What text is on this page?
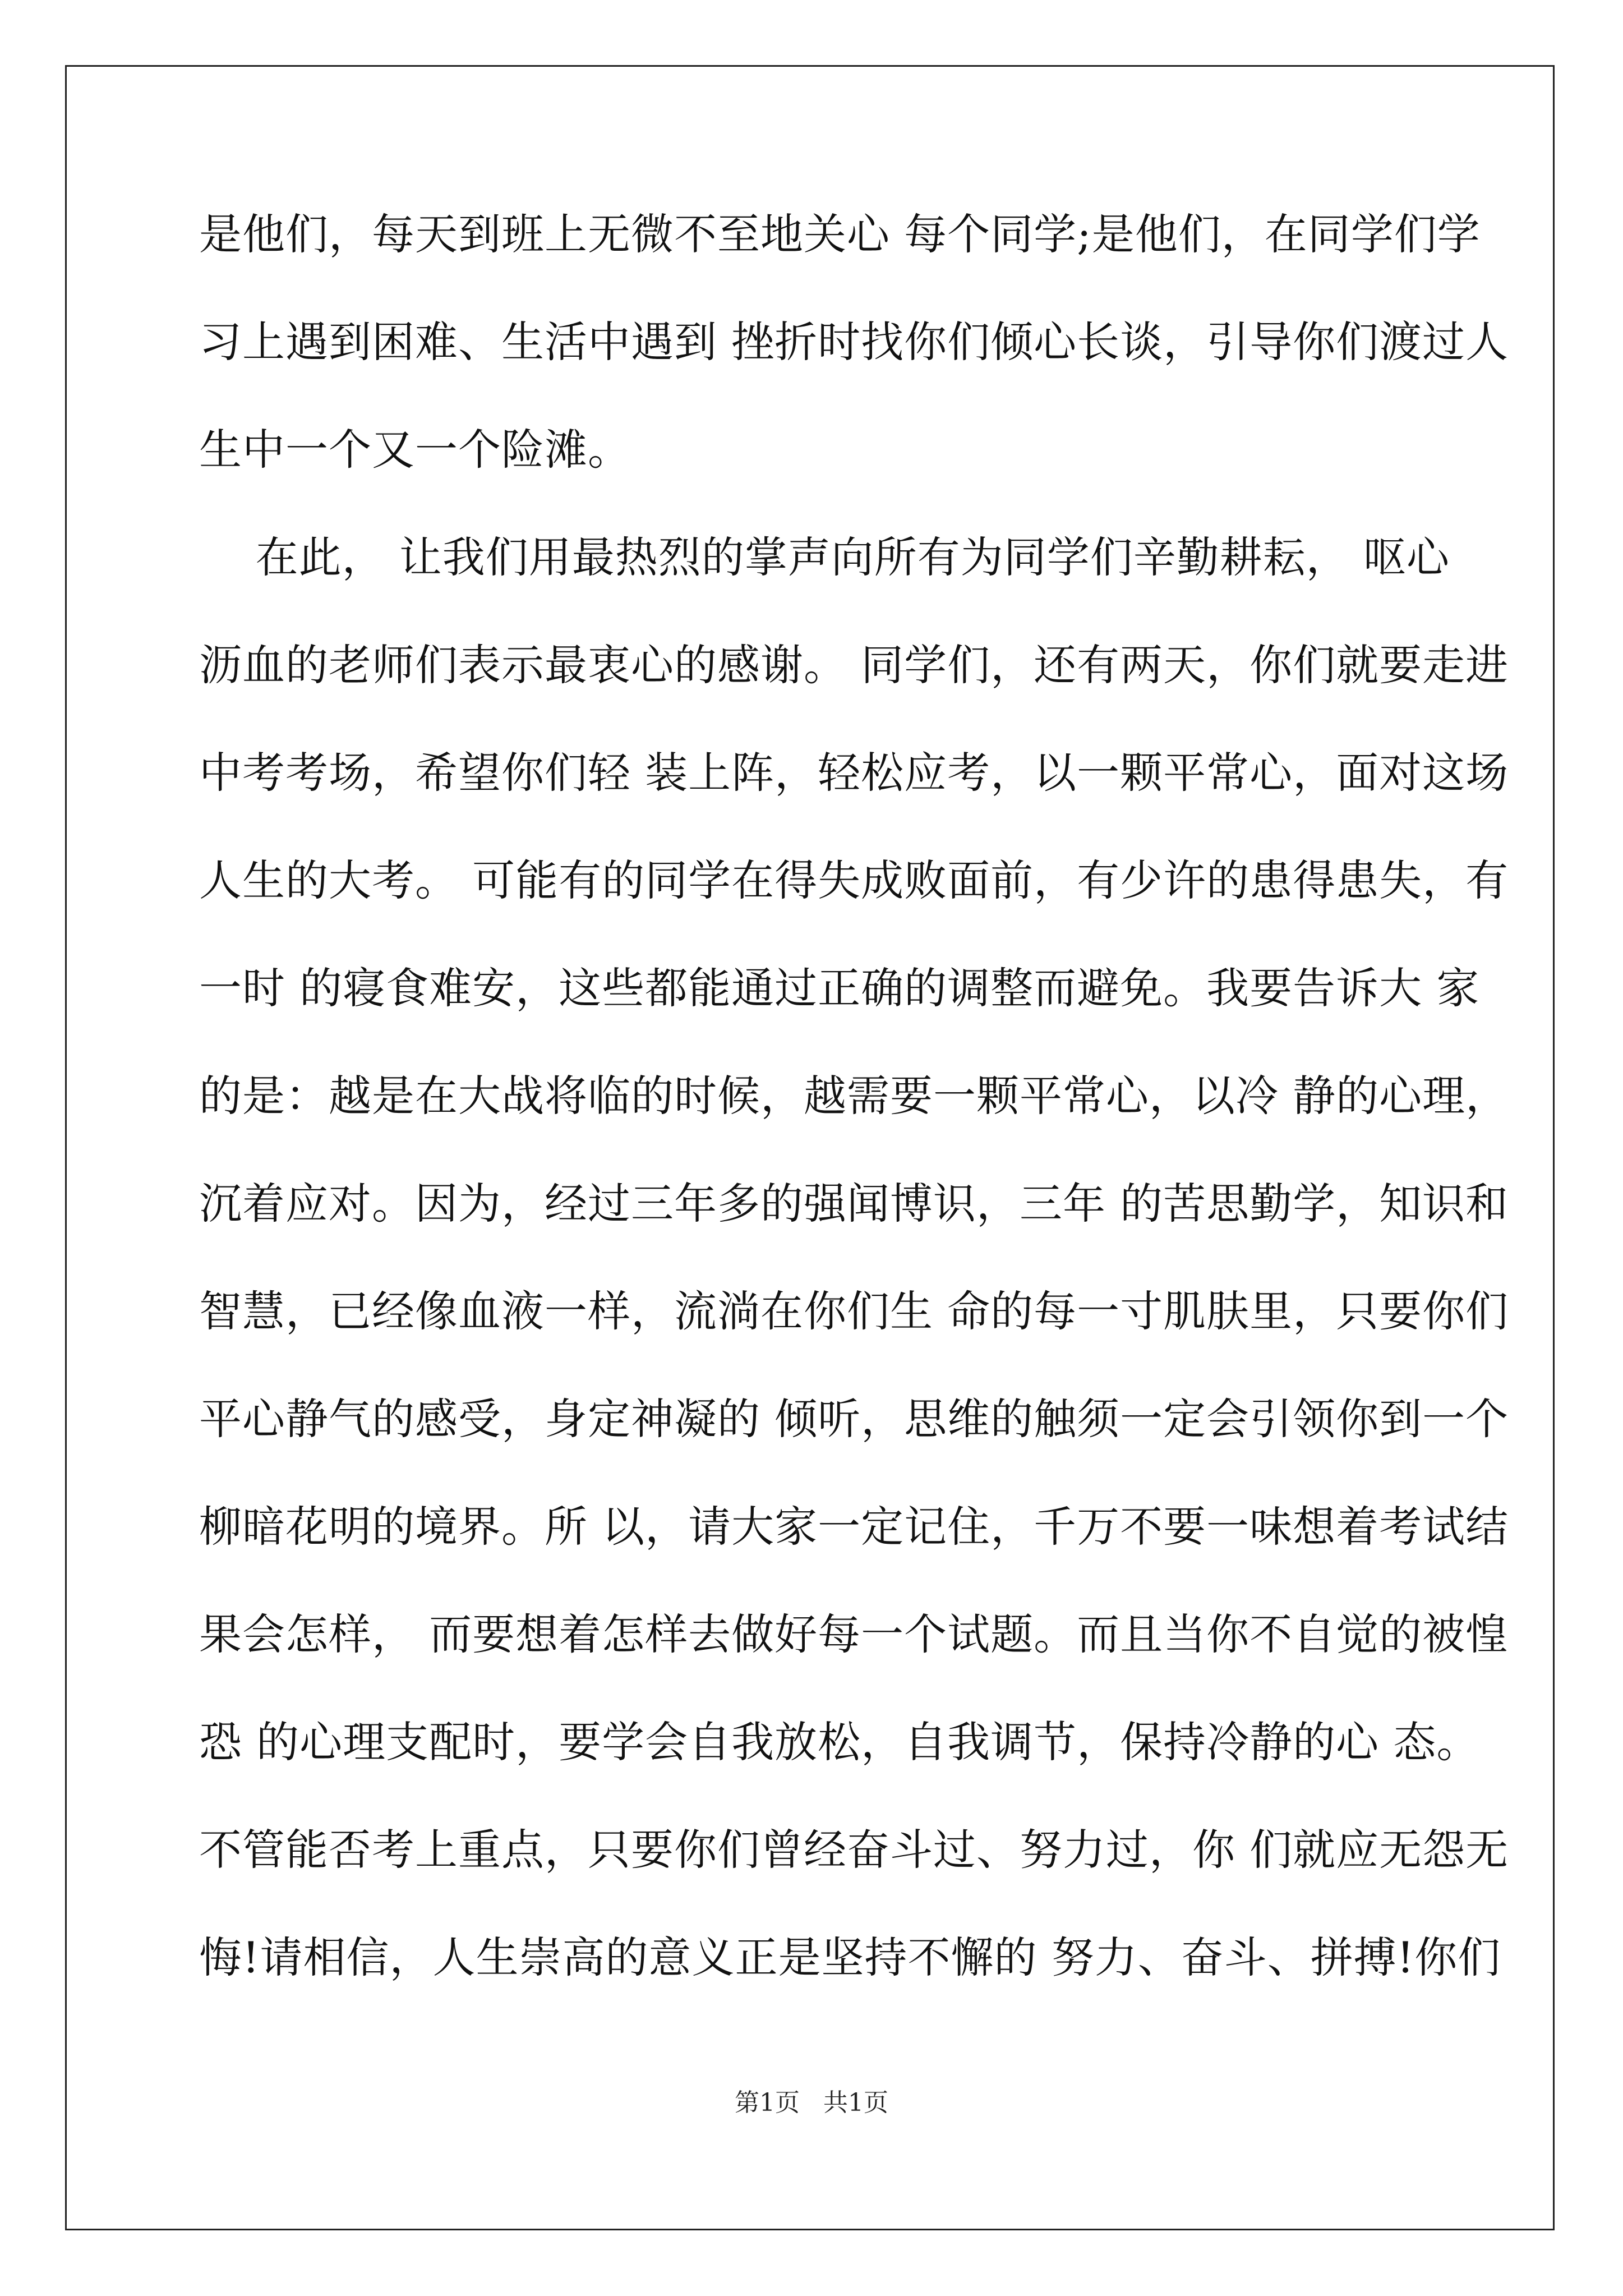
是他们，每天到班上无微不至地关心 每个同学;是他们，在同学们学
习上遇到困难、生活中遇到 挫折时找你们倾心长谈，引导你们渡过人
生中一个又一个险滩。
在此， 让我们用最热烈的掌声向所有为同学们辛勤耕耘， 呕心
沥血的老师们表示最衷心的感谢。 同学们，还有两天，你们就要走进
中考考场，希望你们轻 装上阵，轻松应考，以一颗平常心，面对这场
人生的大考。 可能有的同学在得失成败面前，有少许的患得患失，有
一时 的寝食难安，这些都能通过正确的调整而避免。我要告诉大 家
的是：越是在大战将临的时候，越需要一颗平常心，以冷 静的心理，
沉着应对。因为，经过三年多的强闻博识，三年 的苦思勤学，知识和
智慧，已经像血液一样，流淌在你们生 命的每一寸肌肤里，只要你们
平心静气的感受，身定神凝的 倾听，思维的触须一定会引领你到一个
柳暗花明的境界。所 以，请大家一定记住，千万不要一味想着考试结
果会怎样， 而要想着怎样去做好每一个试题。而且当你不自觉的被惶
恐 的心理支配时，要学会自我放松，自我调节，保持冷静的心 态。
不管能否考上重点，只要你们曾经奋斗过、努力过，你 们就应无怨无
悔!请相信，人生崇高的意义正是坚持不懈的 努力、奋斗、拼搏!你们
第1页   共1页
